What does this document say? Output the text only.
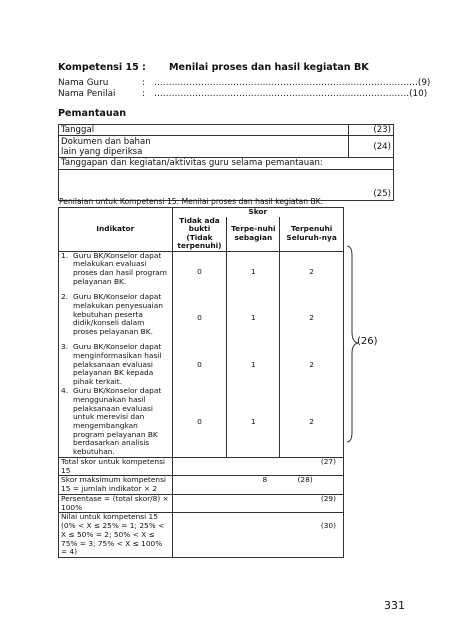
Kompetensi 15 : Menilai proses dan hasil kegiatan BK
Nama Guru	: ………………………………………………………………………………(9)
Nama Penilai	: ……………………………………………………………………………(10)
Pemantauan
Tanggal	(23)
Dokumen dan bahan lain yang diperiksa	(24)
Tanggapan dan kegiatan/aktivitas guru selama pemantauan:	
(25)	
Penilaian untuk Kompetensi 15: Menilai proses dan hasil kegiatan BK.
Indikator	Skor		
	Tidak ada bukti (Tidak terpenuhi)	Terpe-nuhi sebagian	Terpenuhi Seluruh-nya

1. Guru BK/Konselor dapat melakukan evaluasi proses dan hasil program pelayanan BK.	0	1	2

2. Guru BK/Konselor dapat melakukan penyesuaian kebutuhan peserta didik/konseli dalam proses pelayanan BK.	0	1	2

3. Guru BK/Konselor dapat menginformasikan hasil pelaksanaan evaluasi pelayanan BK kepada pihak terkait.	0	1	2

4. Guru BK/Konselor dapat menggunakan hasil pelaksanaan evaluasi untuk merevisi dan mengembangkan program pelayanan BK berdasarkan analisis kebutuhan.	0	1	2
Total skor untuk kompetensi 15	(27)		

Skor maksimum kompetensi 15 = jumlah indikator × 2	8 (28)		

Persentase = (total skor/8) × 100%	(29)		

Nilai untuk kompetensi 15 (0% < X ≤ 25% = 1; 25% < X ≤ 50% = 2; 50% < X ≤ 75% = 3; 75% < X ≤ 100% = 4)	(30)		
(26)
331
